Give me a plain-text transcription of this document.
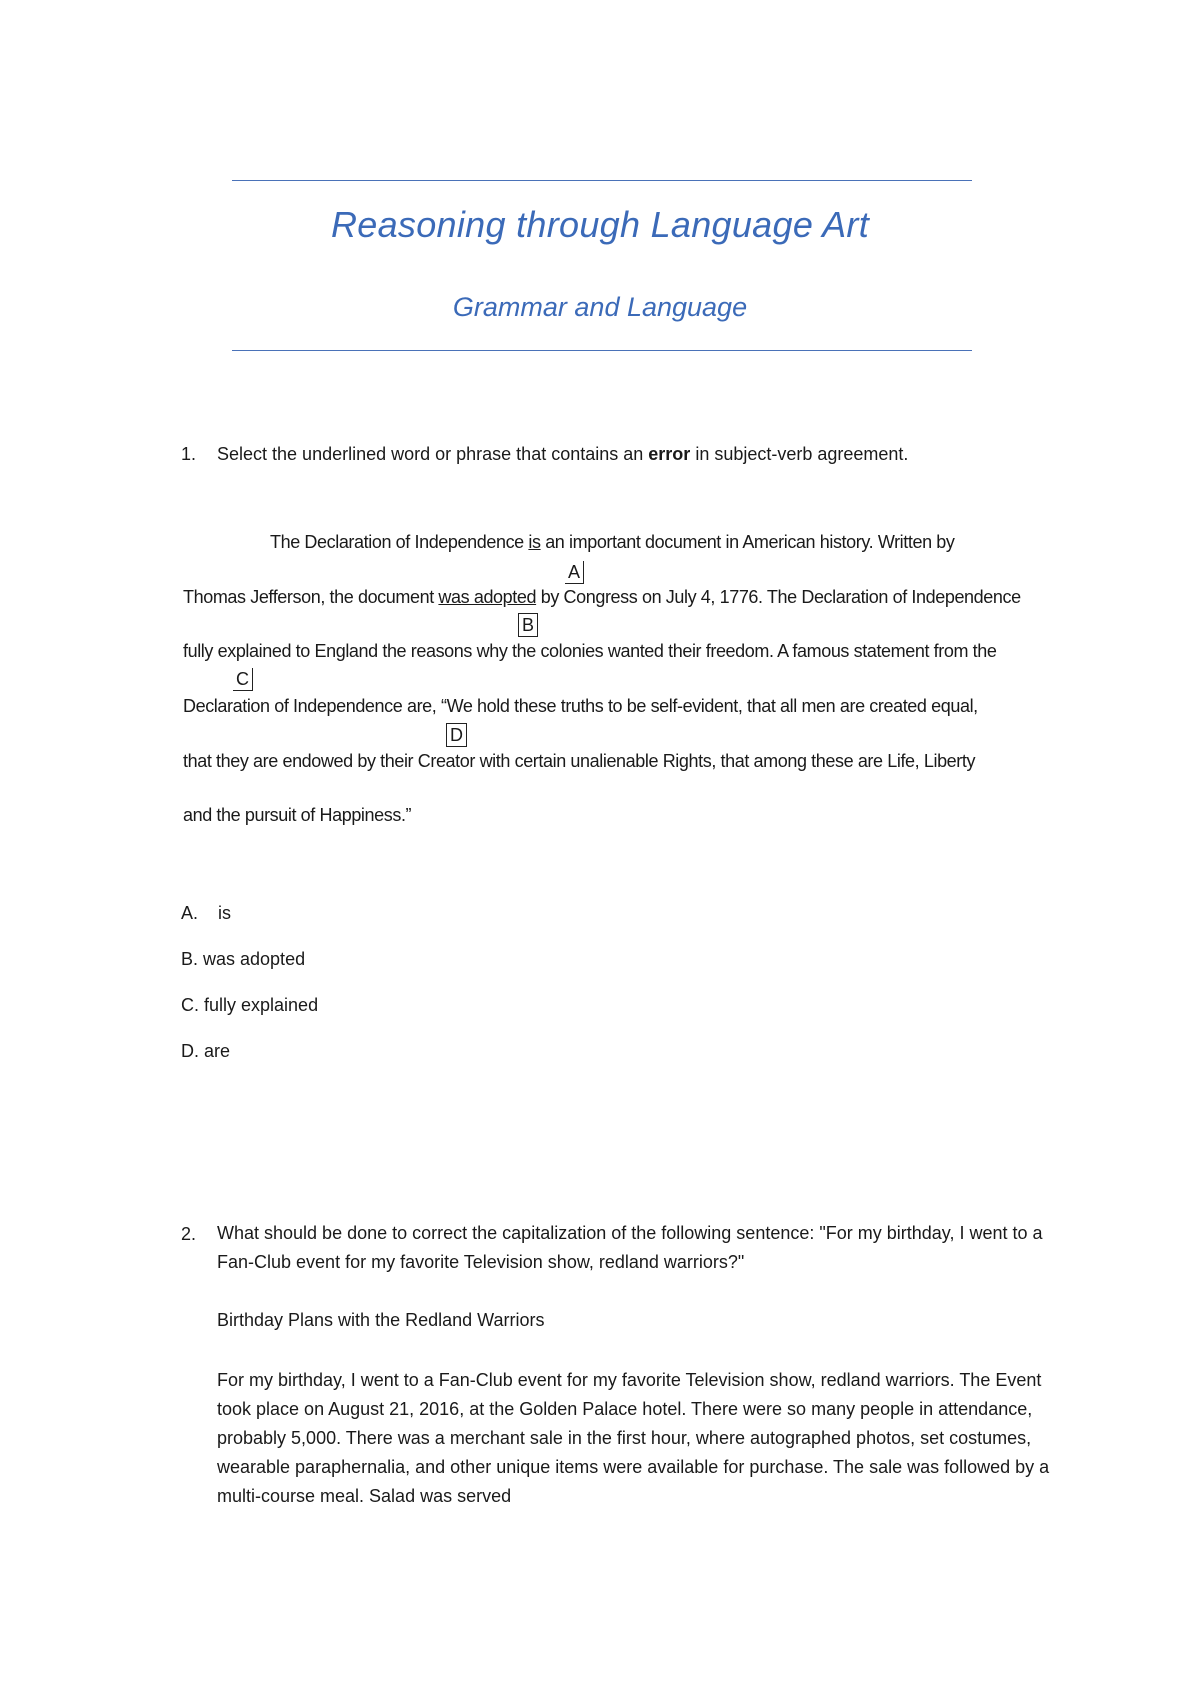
Reasoning through Language Art
Grammar and Language
1. Select the underlined word or phrase that contains an error in subject-verb agreement.
The Declaration of Independence is an important document in American history. Written by
A
Thomas Jefferson, the document was adopted by Congress on July 4, 1776. The Declaration of Independence
B
fully explained to England the reasons why the colonies wanted their freedom. A famous statement from the
C
Declaration of Independence are, “We hold these truths to be self-evident, that all men are created equal,
D
that they are endowed by their Creator with certain unalienable Rights, that among these are Life, Liberty
and the pursuit of Happiness.”
A.    is
B. was adopted
C. fully explained
D. are
2. What should be done to correct the capitalization of the following sentence: "For my birthday, I went to a Fan-Club event for my favorite Television show, redland warriors?"
Birthday Plans with the Redland Warriors
For my birthday, I went to a Fan-Club event for my favorite Television show, redland warriors. The Event took place on August 21, 2016, at the Golden Palace hotel. There were so many people in attendance, probably 5,000. There was a merchant sale in the first hour, where autographed photos, set costumes, wearable paraphernalia, and other unique items were available for purchase. The sale was followed by a multi-course meal. Salad was served
